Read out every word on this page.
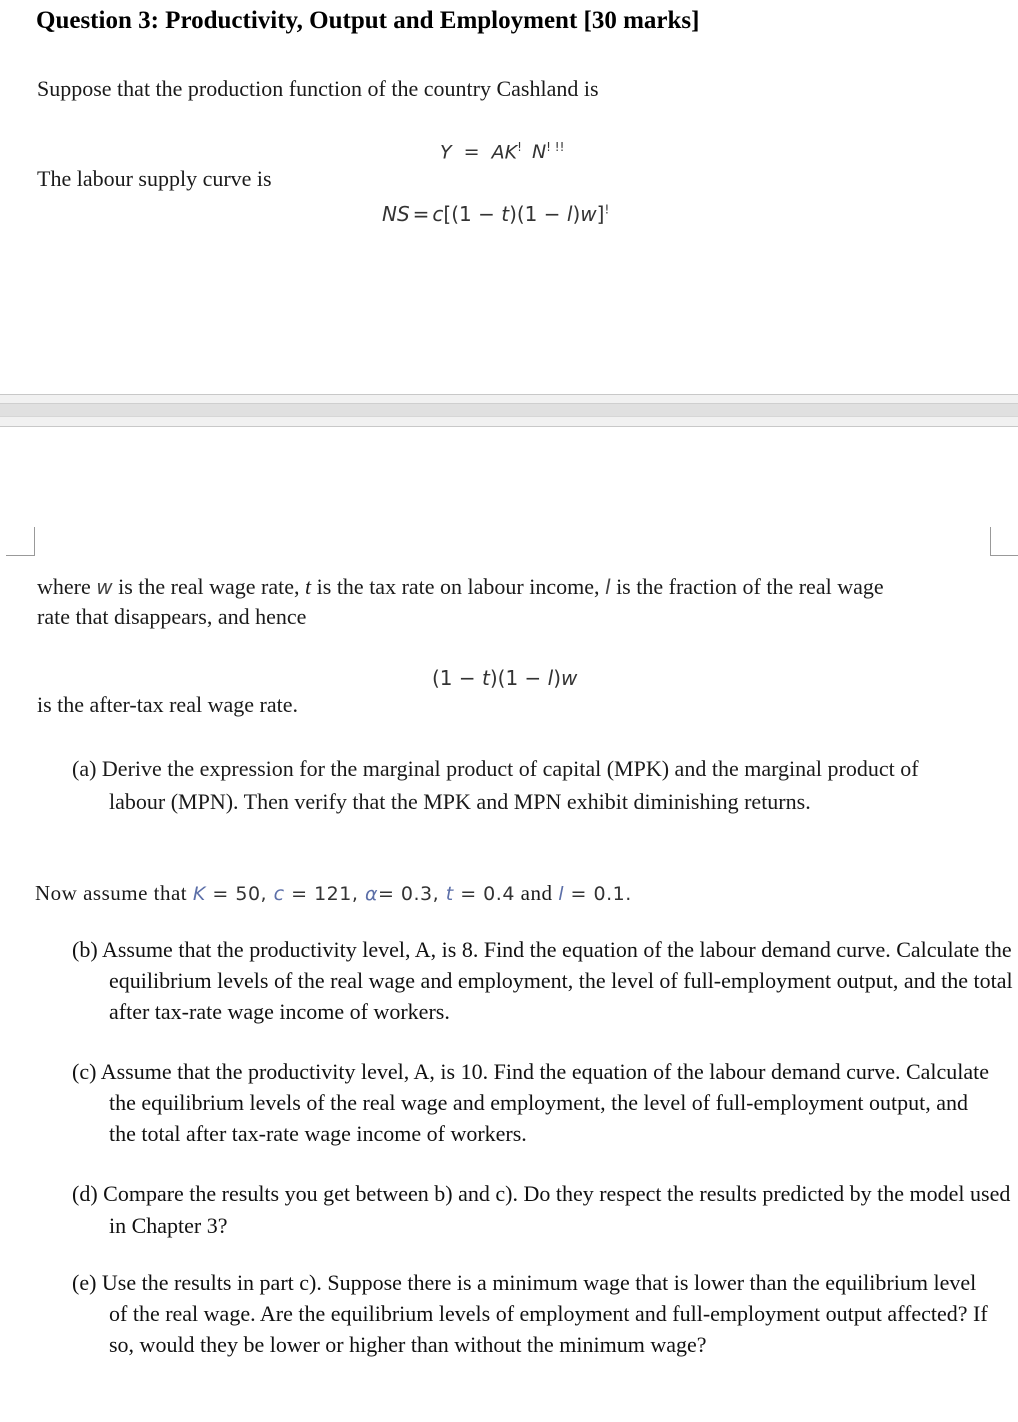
Question 3: Productivity, Output and Employment [30 marks]
Suppose that the production function of the country Cashland is
Y = AK! N! !!
The labour supply curve is
NS = c[(1 − t)(1 − l)w]!
where w is the real wage rate, t is the tax rate on labour income, l is the fraction of the real wage
rate that disappears, and hence
(1 − t)(1 − l)w
is the after-tax real wage rate.
(a) Derive the expression for the marginal product of capital (MPK) and the marginal product of labour (MPN). Then verify that the MPK and MPN exhibit diminishing returns.
Now assume that K = 50, c = 121, α= 0.3, t = 0.4 and l = 0.1.
(b) Assume that the productivity level, A, is 8. Find the equation of the labour demand curve. Calculate the equilibrium levels of the real wage and employment, the level of full-employment output, and the total after tax-rate wage income of workers.
(c) Assume that the productivity level, A, is 10. Find the equation of the labour demand curve. Calculate the equilibrium levels of the real wage and employment, the level of full-employment output, and the total after tax-rate wage income of workers.
(d) Compare the results you get between b) and c). Do they respect the results predicted by the model used in Chapter 3?
(e) Use the results in part c). Suppose there is a minimum wage that is lower than the equilibrium level of the real wage. Are the equilibrium levels of employment and full-employment output affected? If so, would they be lower or higher than without the minimum wage?
